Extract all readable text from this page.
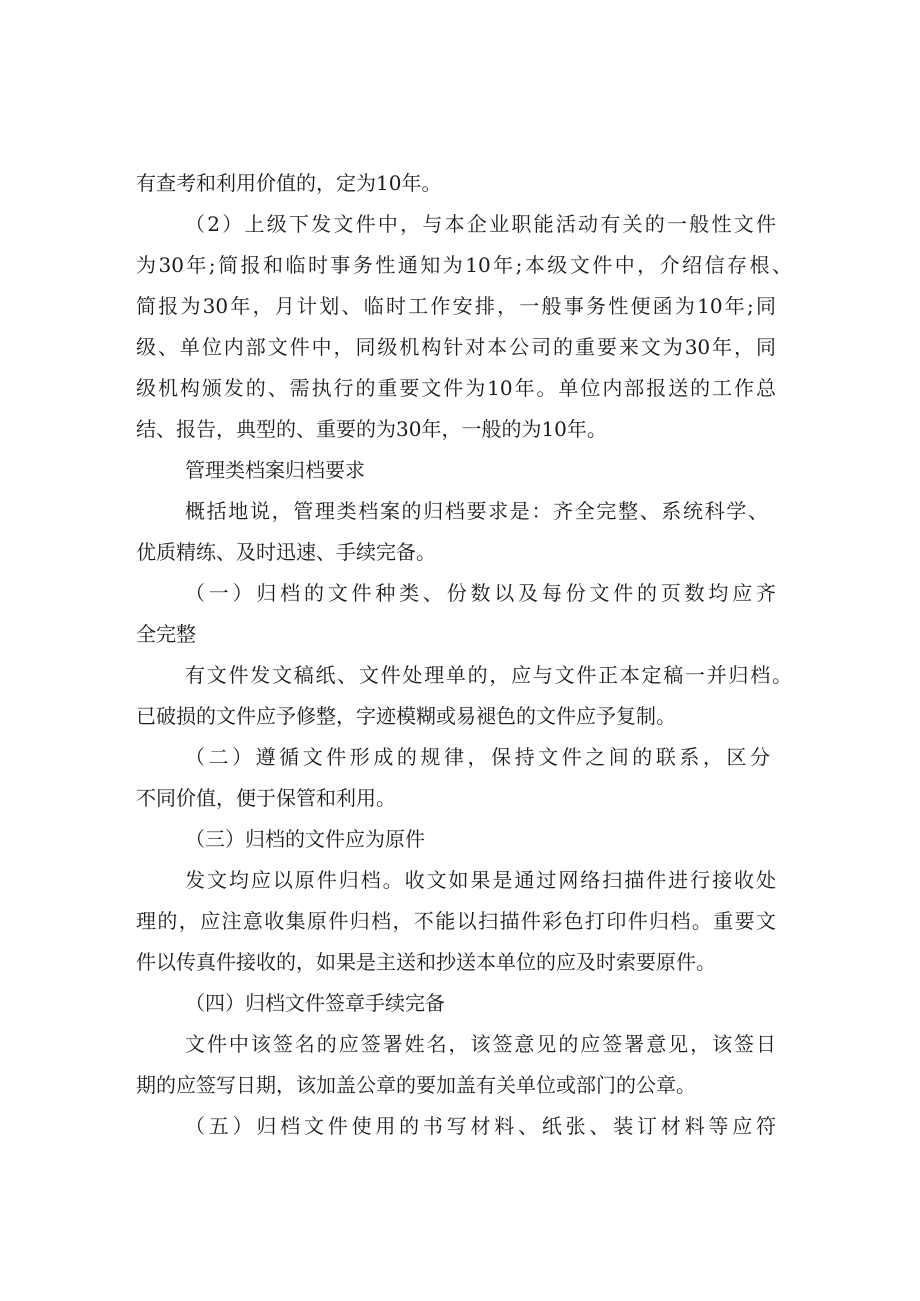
有查考和利用价值的，定为10年。
（2）上级下发文件中，与本企业职能活动有关的一般性文件
为30年;简报和临时事务性通知为10年;本级文件中，介绍信存根、
简报为30年，月计划、临时工作安排，一般事务性便函为10年;同
级、单位内部文件中，同级机构针对本公司的重要来文为30年，同
级机构颁发的、需执行的重要文件为10年。单位内部报送的工作总
结、报告，典型的、重要的为30年，一般的为10年。
管理类档案归档要求
概括地说，管理类档案的归档要求是：齐全完整、系统科学、
优质精练、及时迅速、手续完备。
（一）归档的文件种类、份数以及每份文件的页数均应齐
全完整
有文件发文稿纸、文件处理单的，应与文件正本定稿一并归档。
已破损的文件应予修整，字迹模糊或易褪色的文件应予复制。
（二）遵循文件形成的规律，保持文件之间的联系，区分
不同价值，便于保管和利用。
（三）归档的文件应为原件
发文均应以原件归档。收文如果是通过网络扫描件进行接收处
理的，应注意收集原件归档，不能以扫描件彩色打印件归档。重要文
件以传真件接收的，如果是主送和抄送本单位的应及时索要原件。
（四）归档文件签章手续完备
文件中该签名的应签署姓名，该签意见的应签署意见，该签日
期的应签写日期，该加盖公章的要加盖有关单位或部门的公章。
（五）归档文件使用的书写材料、纸张、装订材料等应符
